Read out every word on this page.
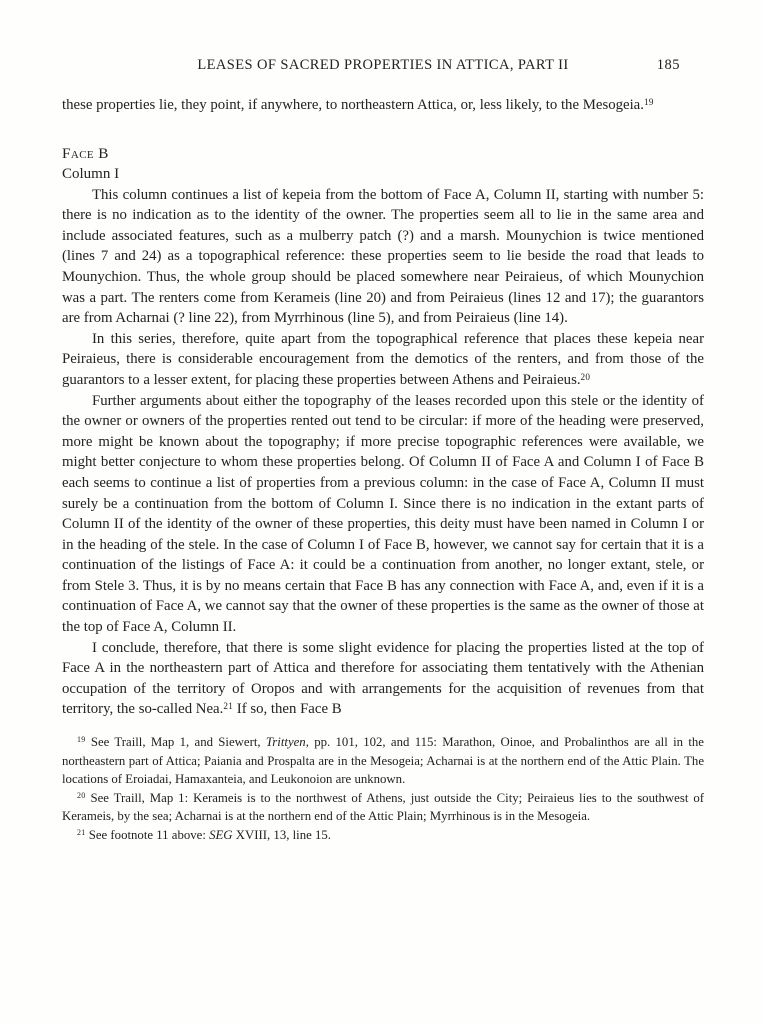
LEASES OF SACRED PROPERTIES IN ATTICA, PART II	185

these properties lie, they point, if anywhere, to northeastern Attica, or, less likely, to the Mesogeia.$^{19}$

Face B
Column I

This column continues a list of kepeia from the bottom of Face A, Column II, starting with number 5: there is no indication as to the identity of the owner. The properties seem all to lie in the same area and include associated features, such as a mulberry patch (?) and a marsh. Mounychion is twice mentioned (lines 7 and 24) as a topographical reference: these properties seem to lie beside the road that leads to Mounychion. Thus, the whole group should be placed somewhere near Peiraieus, of which Mounychion was a part. The renters come from Kerameis (line 20) and from Peiraieus (lines 12 and 17); the guarantors are from Acharnai (? line 22), from Myrrhinous (line 5), and from Peiraieus (line 14).

In this series, therefore, quite apart from the topographical reference that places these kepeia near Peiraieus, there is considerable encouragement from the demotics of the renters, and from those of the guarantors to a lesser extent, for placing these properties between Athens and Peiraieus.$^{20}$

Further arguments about either the topography of the leases recorded upon this stele or the identity of the owner or owners of the properties rented out tend to be circular: if more of the heading were preserved, more might be known about the topography; if more precise topographic references were available, we might better conjecture to whom these properties belong. Of Column II of Face A and Column I of Face B each seems to continue a list of properties from a previous column: in the case of Face A, Column II must surely be a continuation from the bottom of Column I. Since there is no indication in the extant parts of Column II of the identity of the owner of these properties, this deity must have been named in Column I or in the heading of the stele. In the case of Column I of Face B, however, we cannot say for certain that it is a continuation of the listings of Face A: it could be a continuation from another, no longer extant, stele, or from Stele 3. Thus, it is by no means certain that Face B has any connection with Face A, and, even if it is a continuation of Face A, we cannot say that the owner of these properties is the same as the owner of those at the top of Face A, Column II.

I conclude, therefore, that there is some slight evidence for placing the properties listed at the top of Face A in the northeastern part of Attica and therefore for associating them tentatively with the Athenian occupation of the territory of Oropos and with arrangements for the acquisition of revenues from that territory, the so-called Nea.$^{21}$ If so, then Face B

$^{19}$ See Traill, Map 1, and Siewert, Trittyen, pp. 101, 102, and 115: Marathon, Oinoe, and Probalinthos are all in the northeastern part of Attica; Paiania and Prospalta are in the Mesogeia; Acharnai is at the northern end of the Attic Plain. The locations of Eroiadai, Hamaxanteia, and Leukonoion are unknown.

$^{20}$ See Traill, Map 1: Kerameis is to the northwest of Athens, just outside the City; Peiraieus lies to the southwest of Kerameis, by the sea; Acharnai is at the northern end of the Attic Plain; Myrrhinous is in the Mesogeia.

$^{21}$ See footnote 11 above: SEG XVIII, 13, line 15.
